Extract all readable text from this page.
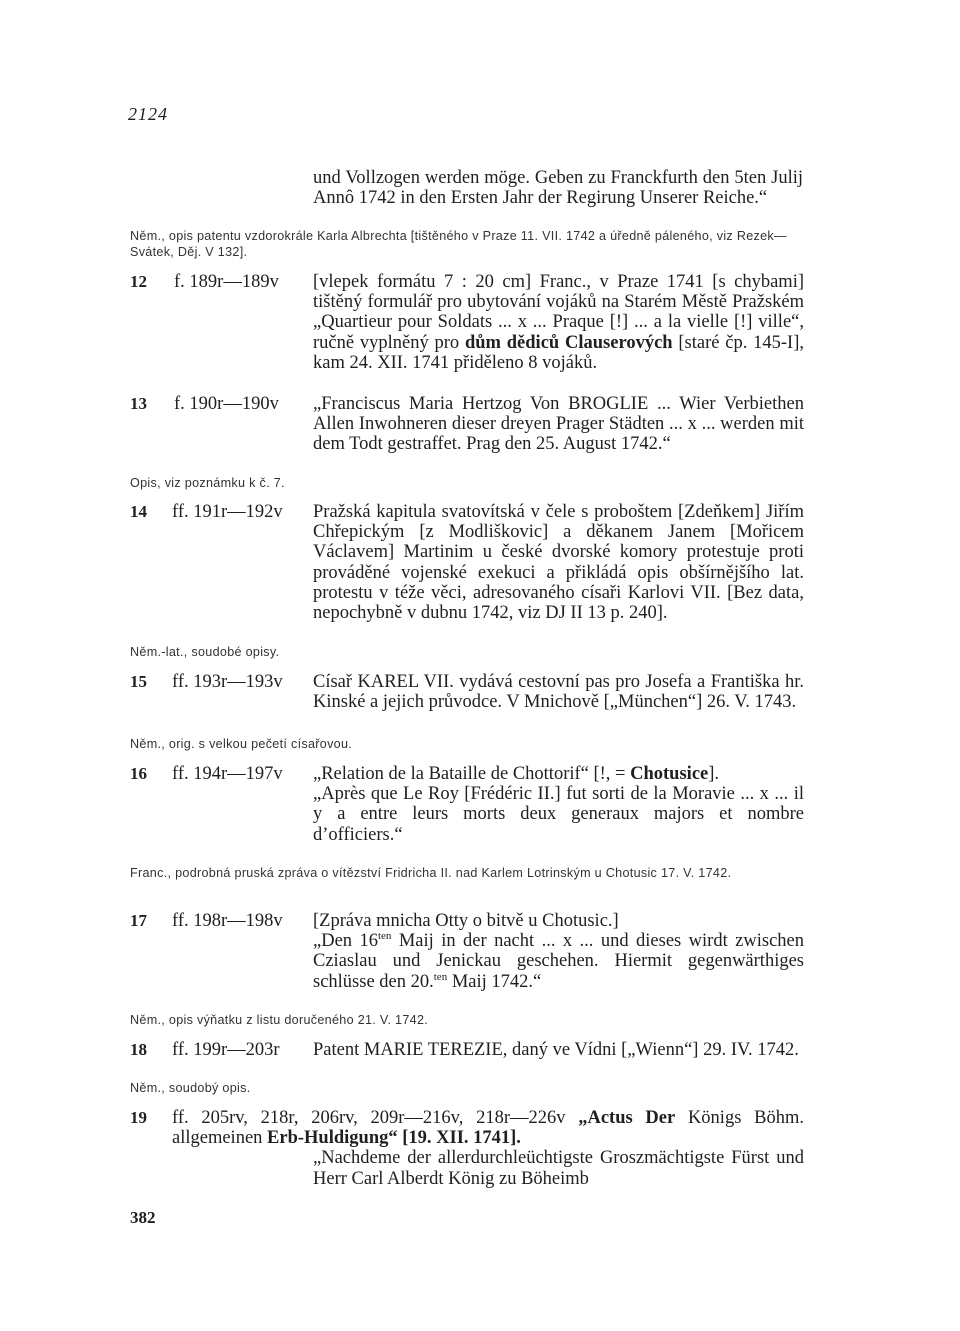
2124
und Vollzogen werden möge. Geben zu Franckfurth den 5ten Julij Annô 1742 in den Ersten Jahr der Regirung Unserer Reiche.“
Něm., opis patentu vzdorokrále Karla Albrechta [tištěného v Praze 11. VII. 1742 a úředně páleného, viz Rezek—Svátek, Děj. V 132].
12 f. 189r—189v [vlepek formátu 7 : 20 cm] Franc., v Praze 1741 [s chybami] tištěný formulář pro ubytování vojáků na Starém Městě Pražském „Quartieur pour Soldats ... x ... Praque [!] ... a la vielle [!] ville“, ručně vyplněný pro dům dědiců Clauserových [staré čp. 145-I], kam 24. XII. 1741 přiděleno 8 vojáků.
13 f. 190r—190v „Franciscus Maria Hertzog Von BROGLIE ... Wier Verbiethen Allen Inwohneren dieser dreyen Prager Städten ... x ... werden mit dem Todt gestraffet. Prag den 25. August 1742.“
Opis, viz poznámku k č. 7.
14 ff. 191r—192v Pražská kapitula svatovítská v čele s proboštem [Zdeňkem] Jiřím Chřepickým [z Modliškovic] a děkanem Janem [Mořicem Václavem] Martinim u české dvorské komory protestuje proti prováděné vojenské exekuci a přikládá opis obšírnějšího lat. protestu v téže věci, adresovaného císaři Karlovi VII. [Bez data, nepochybně v dubnu 1742, viz DJ II 13 p. 240].
Něm.-lat., soudobé opisy.
15 ff. 193r—193v Císař KAREL VII. vydává cestovní pas pro Josefa a Františka hr. Kinské a jejich průvodce. V Mnichově [„München“] 26. V. 1743.
Něm., orig. s velkou pečetí císařovou.
16 ff. 194r—197v „Relation de la Bataille de Chottorif“ [!, = Chotusice].
„Après que Le Roy [Frédéric II.] fut sorti de la Moravie ... x ... il y a entre leurs morts deux generaux majors et nombre d’officiers.“
Franc., podrobná pruská zpráva o vítězství Fridricha II. nad Karlem Lotrinským u Chotusic 17. V. 1742.
17 ff. 198r—198v [Zpráva mnicha Otty o bitvě u Chotusic.]
„Den $16^{ten}$ Maij in der nacht ... x ... und dieses wirdt zwischen Cziaslau und Jenickau geschehen. Hiermit gegenwärthiges schlüsse den 20.$^{ten}$ Maij 1742.“
Něm., opis výňatku z listu doručeného 21. V. 1742.
18 ff. 199r—203r Patent MARIE TEREZIE, daný ve Vídni [„Wienn“] 29. IV. 1742.
Něm., soudobý opis.
19 ff. 205rv, 218r, 206rv, 209r—216v, 218r—226v „Actus Der Königs Böhm. allgemeinen Erb-Huldigung“ [19. XII. 1741].
„Nachdeme der allerdurchleüchtigste Groszmächtigste Fürst und Herr Carl Alberdt König zu Böheimb
382
